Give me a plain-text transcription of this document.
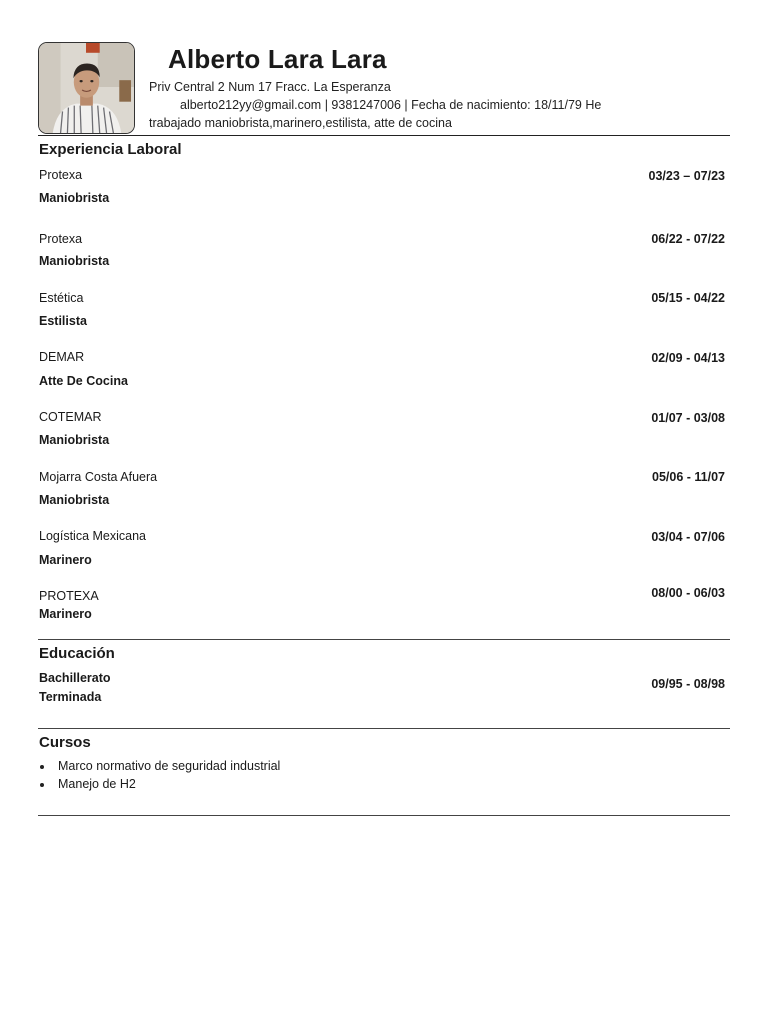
Alberto Lara Lara
Priv Central 2 Num 17 Fracc. La Esperanza
alberto212yy@gmail.com | 9381247006 | Fecha de nacimiento: 18/11/79 He
trabajado maniobrista,marinero,estilista, atte de cocina
Experiencia Laboral
Protexa	03/23 – 07/23
Maniobrista
Protexa	06/22 - 07/22
Maniobrista
Estética	05/15 - 04/22
Estilista
DEMAR	02/09 - 04/13
Atte De Cocina
COTEMAR	01/07 - 03/08
Maniobrista
Mojarra Costa Afuera	05/06 - 11/07
Maniobrista
Logística Mexicana	03/04 - 07/06
Marinero
PROTEXA	08/00 - 06/03
Marinero
Educación
Bachillerato	09/95 - 08/98
Terminada
Cursos
Marco normativo de seguridad industrial
Manejo de H2
